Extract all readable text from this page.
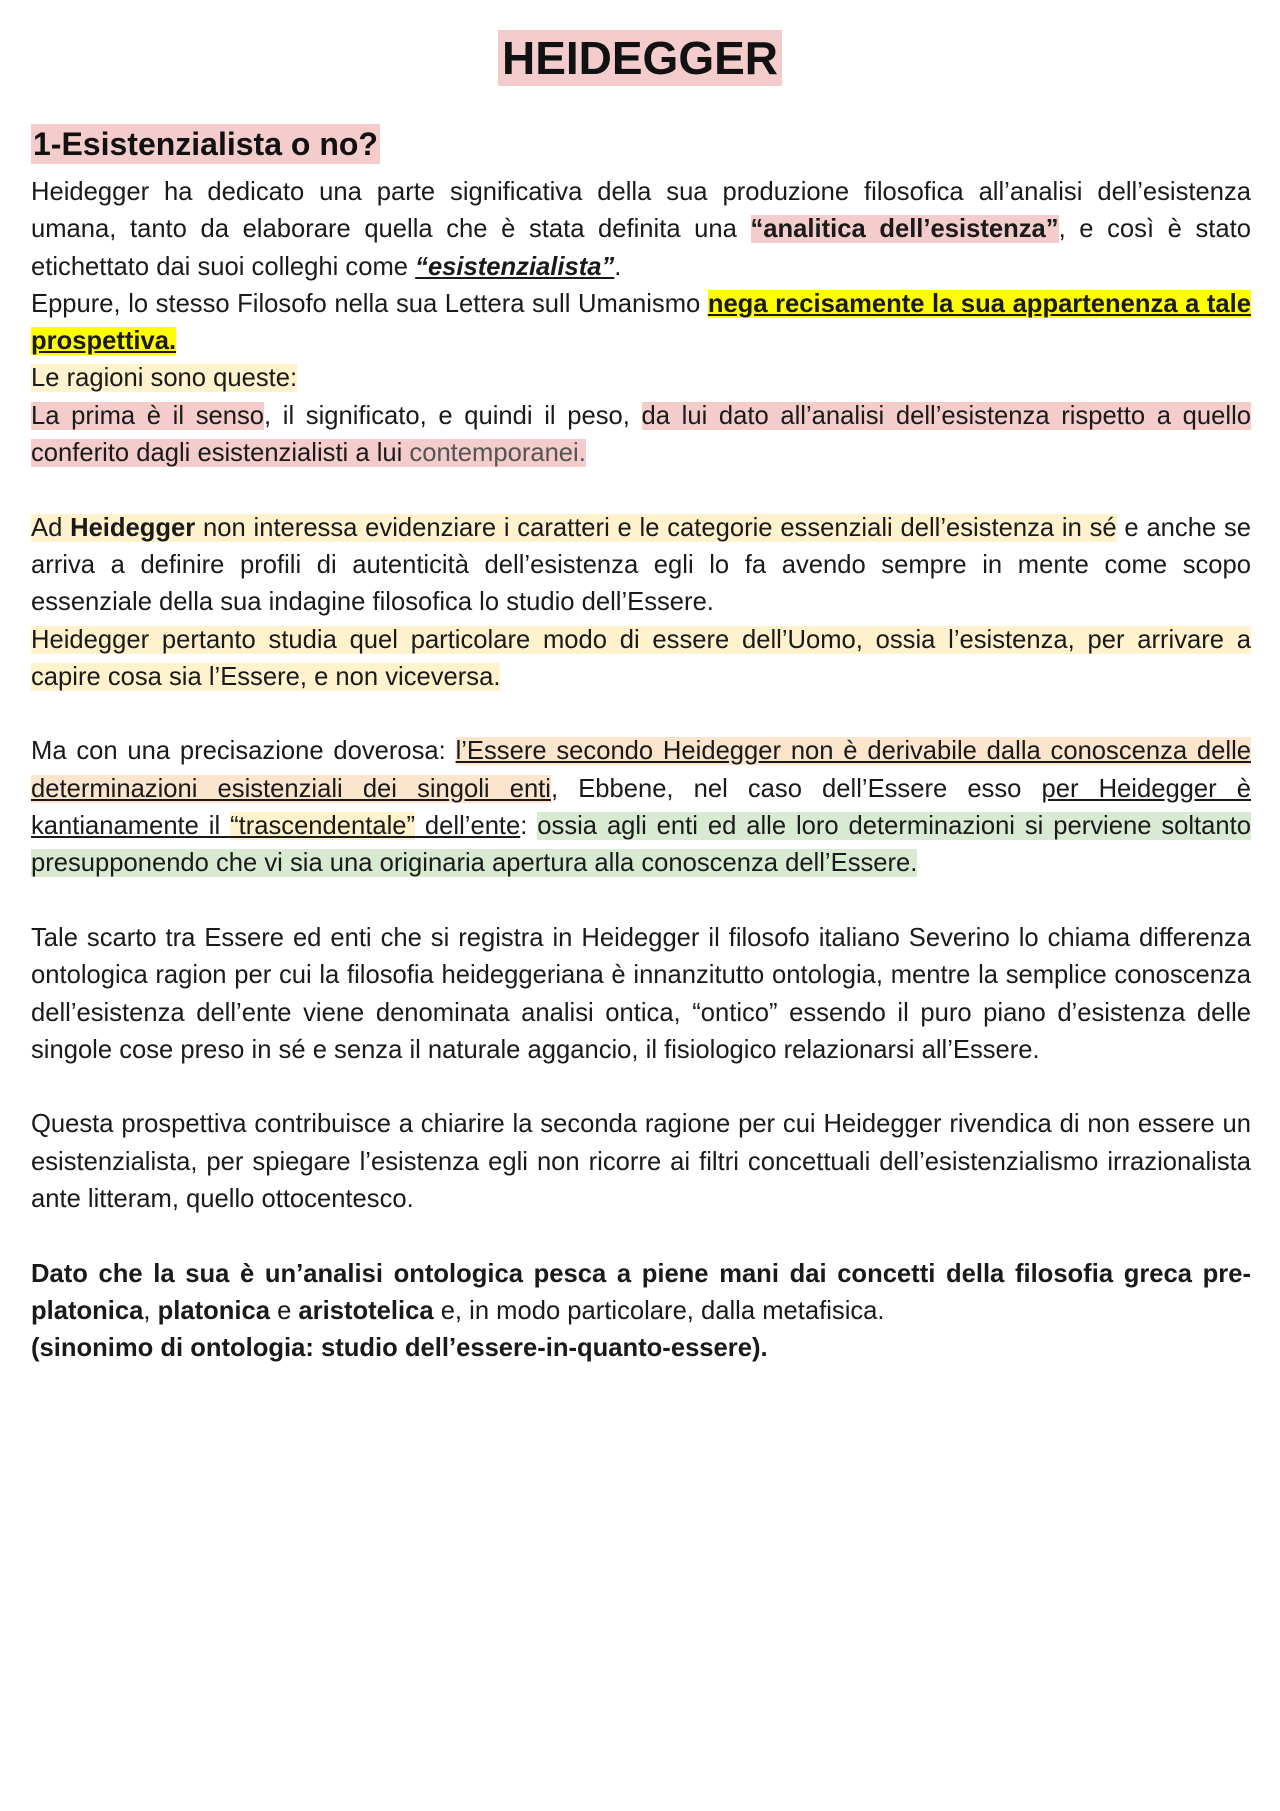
HEIDEGGER
1-Esistenzialista o no?

Heidegger ha dedicato una parte significativa della sua produzione filosofica all’analisi dell’esistenza umana, tanto da elaborare quella che è stata definita una “analitica dell’esistenza”, e così è stato etichettato dai suoi colleghi come “esistenzialista”.

Eppure, lo stesso Filosofo nella sua Lettera sull Umanismo nega recisamente la sua appartenenza a tale prospettiva.

Le ragioni sono queste:

La prima è il senso, il significato, e quindi il peso, da lui dato all’analisi dell’esistenza rispetto a quello conferito dagli esistenzialisti a lui contemporanei.

Ad Heidegger non interessa evidenziare i caratteri e le categorie essenziali dell’esistenza in sé e anche se arriva a definire profili di autenticità dell’esistenza egli lo fa avendo sempre in mente come scopo essenziale della sua indagine filosofica lo studio dell’Essere.

Heidegger pertanto studia quel particolare modo di essere dell’Uomo, ossia l’esistenza, per arrivare a capire cosa sia l’Essere, e non viceversa.

Ma con una precisazione doverosa: l’Essere secondo Heidegger non è derivabile dalla conoscenza delle determinazioni esistenziali dei singoli enti, Ebbene, nel caso dell’Essere esso per Heidegger è kantianamente il “trascendentale” dell’ente: ossia agli enti ed alle loro determinazioni si perviene soltanto presupponendo che vi sia una originaria apertura alla conoscenza dell’Essere.

Tale scarto tra Essere ed enti che si registra in Heidegger il filosofo italiano Severino lo chiama differenza ontologica ragion per cui la filosofia heideggeriana è innanzitutto ontologia, mentre la semplice conoscenza dell’esistenza dell’ente viene denominata analisi ontica, “ontico” essendo il puro piano d’esistenza delle singole cose preso in sé e senza il naturale aggancio, il fisiologico relazionarsi all’Essere.

Questa prospettiva contribuisce a chiarire la seconda ragione per cui Heidegger rivendica di non essere un esistenzialista, per spiegare l’esistenza egli non ricorre ai filtri concettuali dell’esistenzialismo irrazionalista ante litteram, quello ottocentesco.

Dato che la sua è un’analisi ontologica pesca a piene mani dai concetti della filosofia greca pre-platonica, platonica e aristotelica e, in modo particolare, dalla metafisica.

(sinonimo di ontologia: studio dell’essere-in-quanto-essere).
